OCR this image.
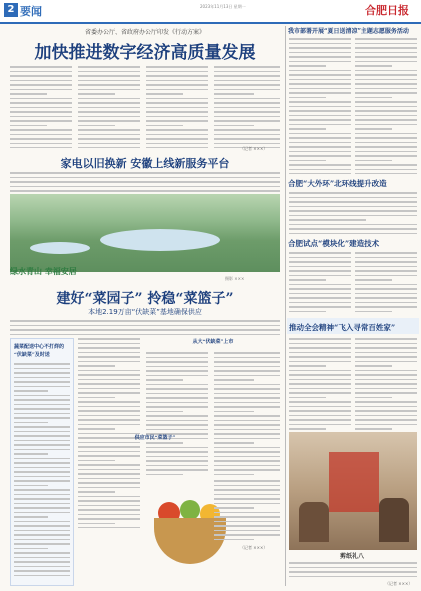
2 要闻	2023年11月13日 星期一	合肥日报
省委办公厅、省政府办公厅印发《行动方案》
加快推进数字经济高质量发展
（记者 ×××）
家电以旧换新 安徽上线新服务平台
绿水青山 幸福安居
摄影 ×××
建好“菜园子” 拎稳“菜篮子”
本地2.19万亩“伏缺菜”基地确保供应
蔬菜配送中心不打烊的
“伏缺菜”及时送
从大“伏缺菜”上市
供应市民“菜篮子”
（记者 ×××）
我市部署开展“夏日送清凉”主题志愿服务活动
合肥“大外环”北环线提升改造
合肥试点“模块化”建造技术
推动全会精神“飞入寻常百姓家”
剪纸礼八
（记者 ×××）
